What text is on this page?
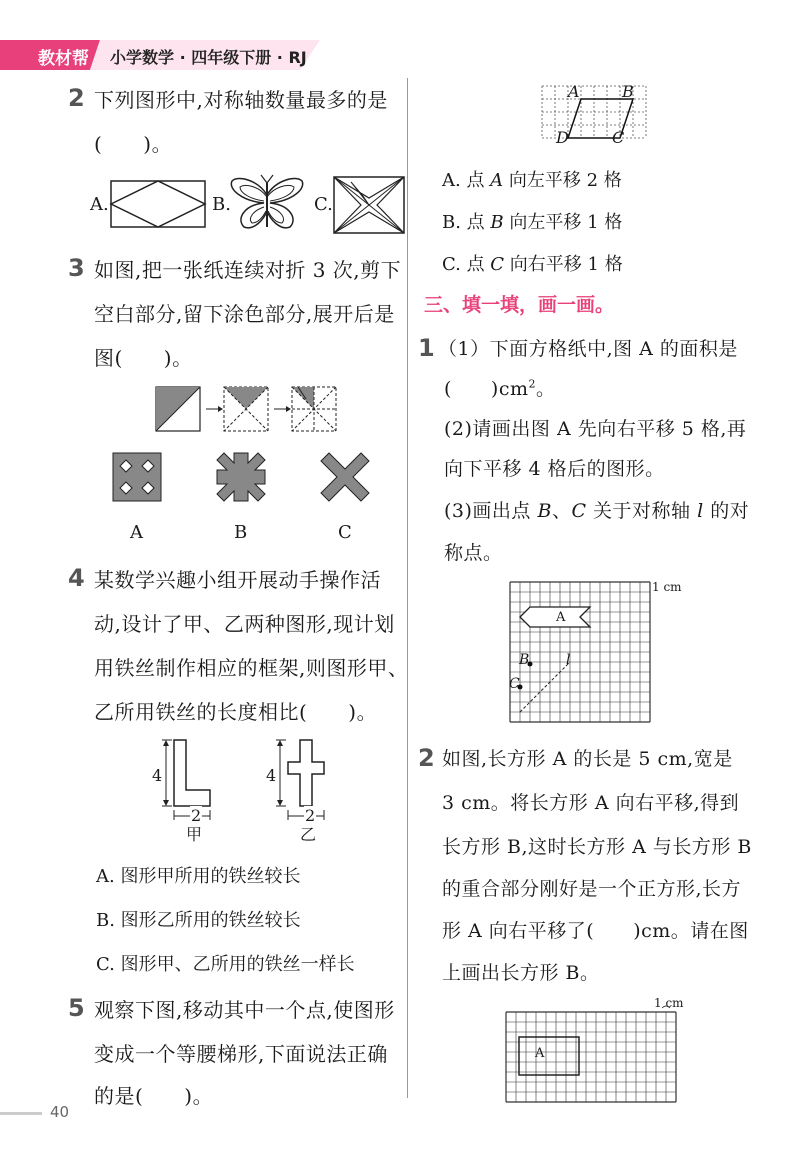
教材帮 小学数学 · 四年级下册 · RJ
2 下列图形中,对称轴数量最多的是
(　　)。
A.	B.	C.
3 如图,把一张纸连续对折 3 次,剪下
空白部分,留下涂色部分,展开后是
图(　　)。
A	B	C
4 某数学兴趣小组开展动手操作活
动,设计了甲、乙两种图形,现计划
用铁丝制作相应的框架,则图形甲、
乙所用铁丝的长度相比(　　)。
4
2
甲
4
2
乙
A. 图形甲所用的铁丝较长
B. 图形乙所用的铁丝较长
C. 图形甲、乙所用的铁丝一样长
5 观察下图,移动其中一个点,使图形
变成一个等腰梯形,下面说法正确
的是(　　)。
40
A	B
C
D
A. 点 A 向左平移 2 格
B. 点 B 向左平移 1 格
C. 点 C 向右平移 1 格
三、填一填，画一画。
1 （1）下面方格纸中,图 A 的面积是
(　　)$cm^2$。
(2)请画出图 A 先向右平移 5 格,再
向下平移 4 格后的图形。
(3)画出点 B、C 关于对称轴 l 的对
称点。
1 cm
A
B
C
l
2 如图,长方形 A 的长是 5 cm,宽是
3 cm。将长方形 A 向右平移,得到
长方形 B,这时长方形 A 与长方形 B
的重合部分刚好是一个正方形,长方
形 A 向右平移了(　　)cm。请在图
上画出长方形 B。
1 cm
A
